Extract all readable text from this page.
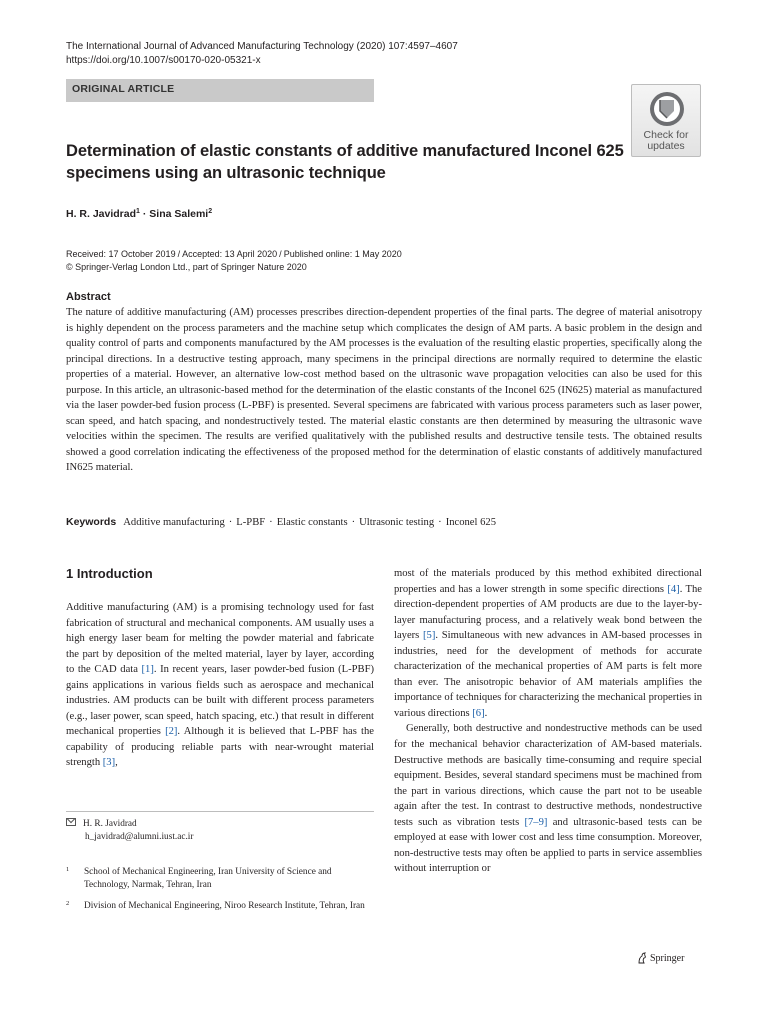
The International Journal of Advanced Manufacturing Technology (2020) 107:4597–4607
https://doi.org/10.1007/s00170-020-05321-x
ORIGINAL ARTICLE
Check for
updates
Determination of elastic constants of additive manufactured Inconel 625 specimens using an ultrasonic technique
H. R. Javidrad$^1$ · Sina Salemi$^2$
Received: 17 October 2019 / Accepted: 13 April 2020 / Published online: 1 May 2020
© Springer-Verlag London Ltd., part of Springer Nature 2020
Abstract

The nature of additive manufacturing (AM) processes prescribes direction-dependent properties of the final parts. The degree of material anisotropy is highly dependent on the process parameters and the machine setup which complicates the design of AM parts. A basic problem in the design and quality control of parts and components manufactured by the AM processes is the evaluation of the resulting elastic properties, specifically along the principal directions. In a destructive testing approach, many specimens in the principal directions are normally required to determine the elastic properties of a material. However, an alternative low-cost method based on the ultrasonic wave propagation velocities can also be used for this purpose. In this article, an ultrasonic-based method for the determination of the elastic constants of the Inconel 625 (IN625) material as manufactured via the laser powder-bed fusion process (L-PBF) is presented. Several specimens are fabricated with various process parameters such as laser power, scan speed, and hatch spacing, and nondestructively tested. The material elastic constants are then determined by measuring the ultrasonic wave velocities within the specimen. The results are verified qualitatively with the published results and destructive tensile tests. The obtained results showed a good correlation indicating the effectiveness of the proposed method for the determination of elastic constants of additively manufactured IN625 material.

Keywords Additive manufacturing · L-PBF · Elastic constants · Ultrasonic testing · Inconel 625
1 Introduction

Additive manufacturing (AM) is a promising technology used for fast fabrication of structural and mechanical components. AM usually uses a high energy laser beam for melting the powder material and fabricate the part by deposition of the melted material, layer by layer, according to the CAD data [1]. In recent years, laser powder-bed fusion (L-PBF) gains applications in various fields such as aerospace and mechanical industries. AM products can be built with different process parameters (e.g., laser power, scan speed, hatch spacing, etc.) that result in different mechanical properties [2]. Although it is believed that L-PBF has the capability of producing reliable parts with near-wrought material strength [3],

most of the materials produced by this method exhibited directional properties and has a lower strength in some specific directions [4]. The direction-dependent properties of AM products are due to the layer-by-layer manufacturing process, and a relatively weak bond between the layers [5]. Simultaneous with new advances in AM-based processes in industries, need for the development of methods for accurate characterization of the mechanical properties of AM parts is felt more than ever. The anisotropic behavior of AM materials amplifies the importance of techniques for characterizing the mechanical properties in various directions [6].

Generally, both destructive and nondestructive methods can be used for the mechanical behavior characterization of AM-based materials. Destructive methods are basically time-consuming and require special equipment. Besides, several standard specimens must be machined from the part in various directions, which cause the part not to be useable again after the test. In contrast to destructive methods, nondestructive tests such as vibration tests [7–9] and ultrasonic-based tests can be employed at ease with lower cost and less time consumption. Moreover, non-destructive tests may often be applied to parts in service assemblies without interruption or

H. R. Javidrad
h_javidrad@alumni.iust.ac.ir
1	School of Mechanical Engineering, Iran University of Science and Technology, Narmak, Tehran, Iran
2	Division of Mechanical Engineering, Niroo Research Institute, Tehran, Iran
Springer
